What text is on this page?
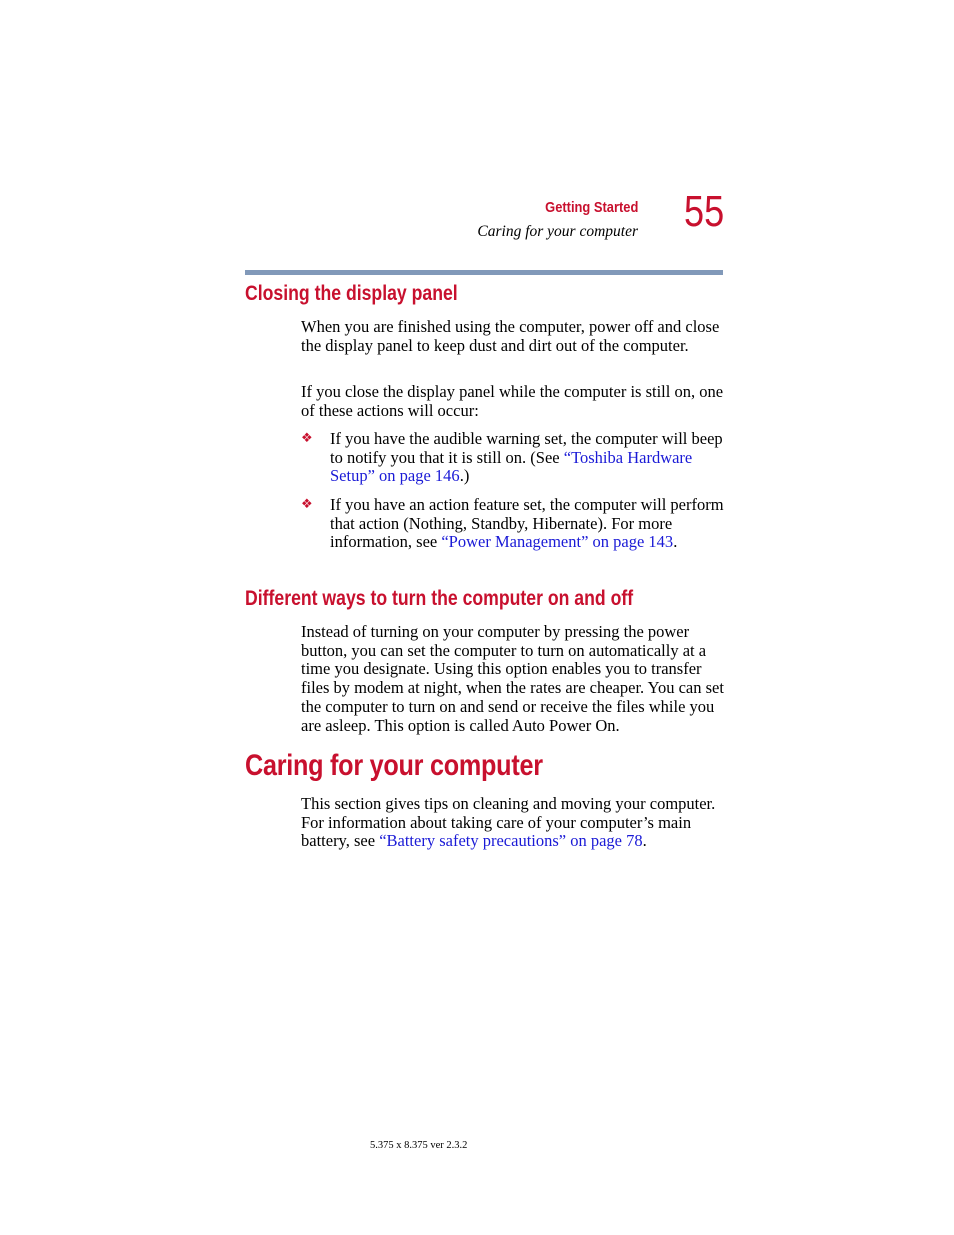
Getting Started
Caring for your computer 55
Closing the display panel
When you are finished using the computer, power off and close the display panel to keep dust and dirt out of the computer.
If you close the display panel while the computer is still on, one of these actions will occur:
❖ If you have the audible warning set, the computer will beep to notify you that it is still on. (See “Toshiba Hardware Setup” on page 146.)
❖ If you have an action feature set, the computer will perform that action (Nothing, Standby, Hibernate). For more information, see “Power Management” on page 143.
Different ways to turn the computer on and off
Instead of turning on your computer by pressing the power button, you can set the computer to turn on automatically at a time you designate. Using this option enables you to transfer files by modem at night, when the rates are cheaper. You can set the computer to turn on and send or receive the files while you are asleep. This option is called Auto Power On.
Caring for your computer
This section gives tips on cleaning and moving your computer. For information about taking care of your computer’s main battery, see “Battery safety precautions” on page 78.
5.375 x 8.375 ver 2.3.2
